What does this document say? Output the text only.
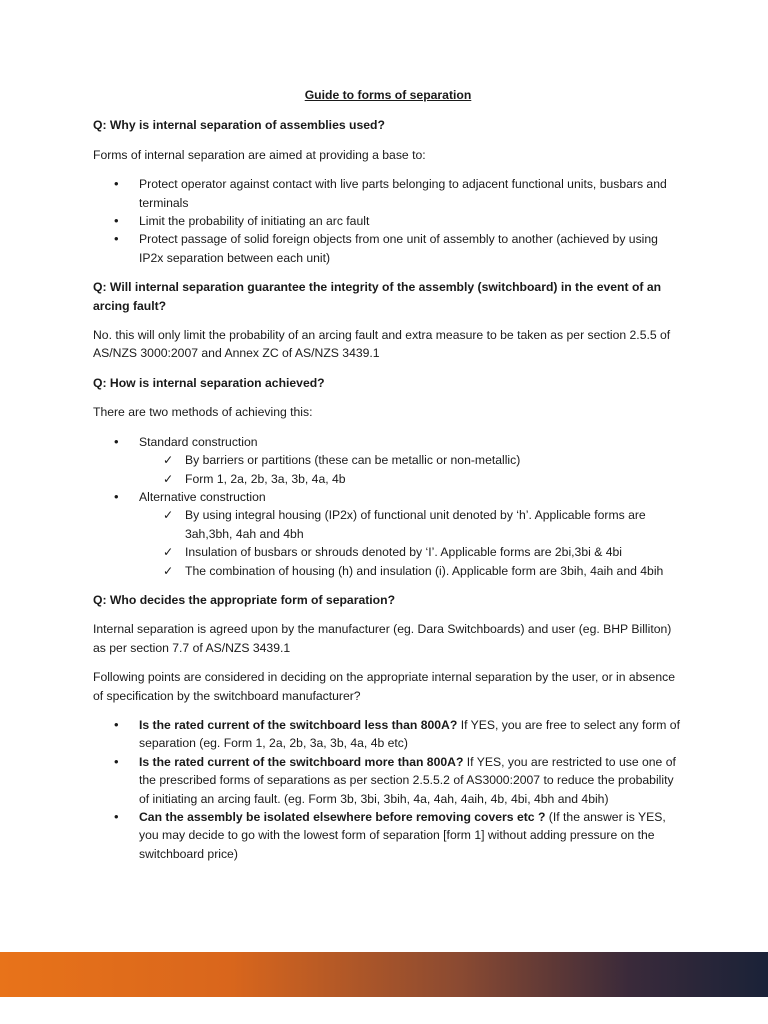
Guide to forms of separation
Q: Why is internal separation of assemblies used?
Forms of internal separation are aimed at providing a base to:
• Protect operator against contact with live parts belonging to adjacent functional units, busbars and terminals
• Limit the probability of initiating an arc fault
• Protect passage of solid foreign objects from one unit of assembly to another (achieved by using IP2x separation between each unit)
Q: Will internal separation guarantee the integrity of the assembly (switchboard) in the event of an arcing fault?
No. this will only limit the probability of an arcing fault and extra measure to be taken as per section 2.5.5 of AS/NZS 3000:2007 and Annex ZC of AS/NZS 3439.1
Q: How is internal separation achieved?
There are two methods of achieving this:
• Standard construction
✓ By barriers or partitions (these can be metallic or non-metallic)
✓ Form 1, 2a, 2b, 3a, 3b, 4a, 4b
• Alternative construction
✓ By using integral housing (IP2x) of functional unit denoted by ‘h’. Applicable forms are 3ah,3bh, 4ah and 4bh
✓ Insulation of busbars or shrouds denoted by ‘I’. Applicable forms are 2bi,3bi & 4bi
✓ The combination of housing (h) and insulation (i). Applicable form are 3bih, 4aih and 4bih
Q: Who decides the appropriate form of separation?
Internal separation is agreed upon by the manufacturer (eg. Dara Switchboards) and user (eg. BHP Billiton) as per section 7.7 of AS/NZS 3439.1
Following points are considered in deciding on the appropriate internal separation by the user, or in absence of specification by the switchboard manufacturer?
• Is the rated current of the switchboard less than 800A? If YES, you are free to select any form of separation (eg. Form 1, 2a, 2b, 3a, 3b, 4a, 4b etc)
• Is the rated current of the switchboard more than 800A? If YES, you are restricted to use one of the prescribed forms of separations as per section 2.5.5.2 of AS3000:2007 to reduce the probability of initiating an arcing fault. (eg. Form 3b, 3bi, 3bih, 4a, 4ah, 4aih, 4b, 4bi, 4bh and 4bih)
• Can the assembly be isolated elsewhere before removing covers etc ? (If the answer is YES, you may decide to go with the lowest form of separation [form 1] without adding pressure on the switchboard price)
